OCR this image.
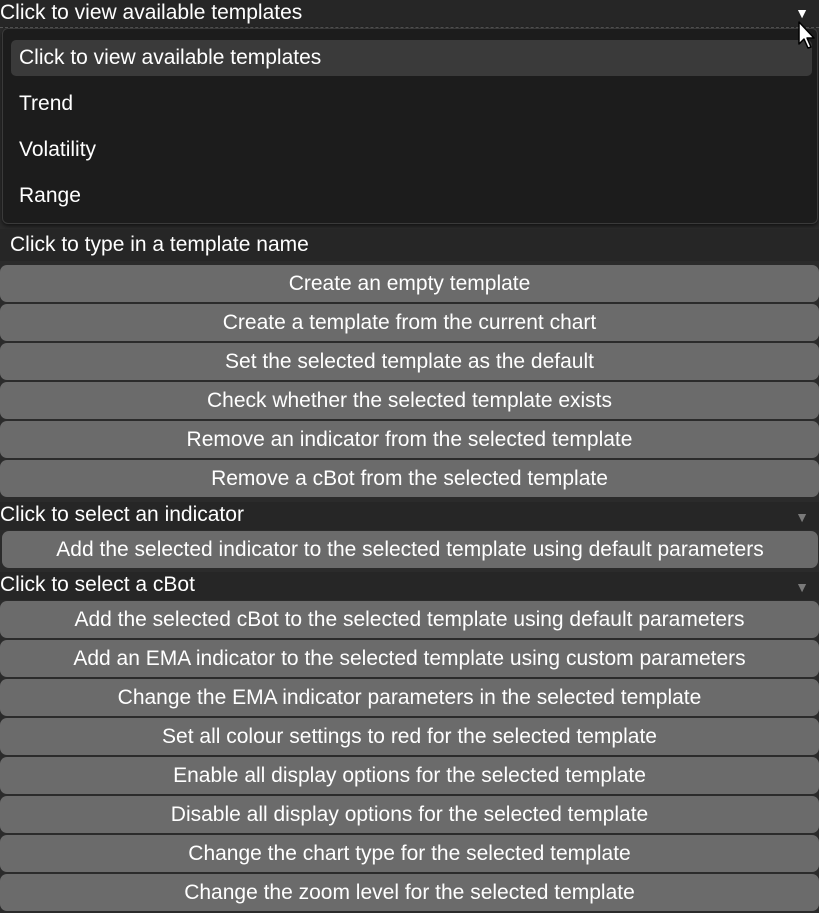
Click to view available templates	▼
Click to view available templates
Trend
Volatility
Range
Click to type in a template name
Create an empty template
Create a template from the current chart
Set the selected template as the default
Check whether the selected template exists
Remove an indicator from the selected template
Remove a cBot from the selected template
Click to select an indicator	▼
Add the selected indicator to the selected template using default parameters
Click to select a cBot	▼
Add the selected cBot to the selected template using default parameters
Add an EMA indicator to the selected template using custom parameters
Change the EMA indicator parameters in the selected template
Set all colour settings to red for the selected template
Enable all display options for the selected template
Disable all display options for the selected template
Change the chart type for the selected template
Change the zoom level for the selected template
